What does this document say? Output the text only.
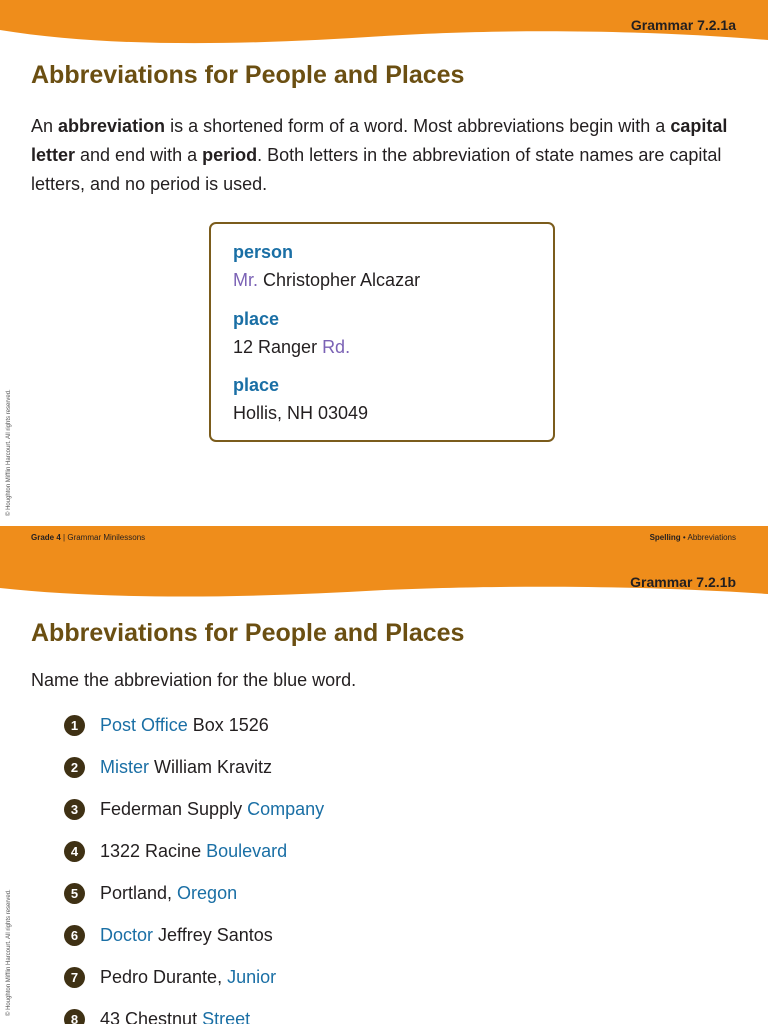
Grammar 7.2.1a
Abbreviations for People and Places
An abbreviation is a shortened form of a word. Most abbreviations begin with a capital letter and end with a period. Both letters in the abbreviation of state names are capital letters, and no period is used.
person
Mr. Christopher Alcazar
place
12 Ranger Rd.
place
Hollis, NH 03049
© Houghton Mifflin Harcourt. All rights reserved.
Grade 4 | Grammar Minilessons	Spelling • Abbreviations
Grammar 7.2.1b
Abbreviations for People and Places
Name the abbreviation for the blue word.
1	Post Office Box 1526
2	Mister William Kravitz
3	Federman Supply Company
4	1322 Racine Boulevard
5	Portland, Oregon
6	Doctor Jeffrey Santos
7	Pedro Durante, Junior
8	43 Chestnut Street
© Houghton Mifflin Harcourt. All rights reserved.
